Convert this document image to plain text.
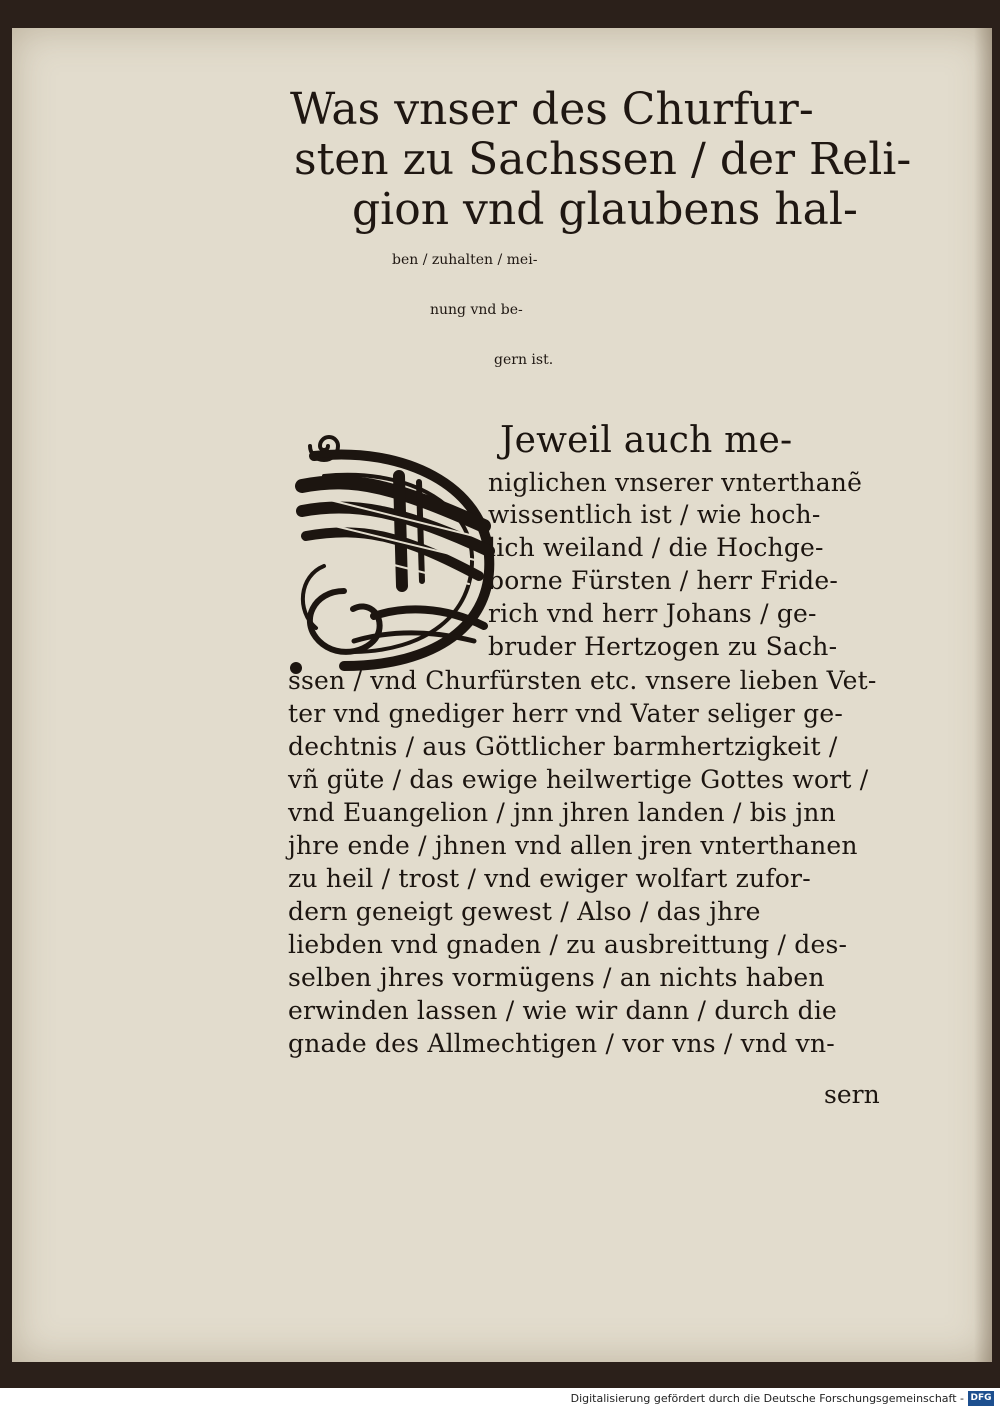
Was vnser des Churfur-
sten zu Sachssen / der Reli-
gion vnd glaubens hal-
ben / zuhalten / mei-
nung vnd be-
gern ist.
Jeweil auch me-
niglichen vnserer vnterthanẽ
wissentlich ist / wie hoch-
lich weiland / die Hochge-
borne Fürsten / herr Fride-
rich vnd herr Johans / ge-
bruder Hertzogen zu Sach-
ssen / vnd Churfürsten etc. vnsere lieben Vet-
ter vnd gnediger herr vnd Vater seliger ge-
dechtnis / aus Göttlicher barmhertzigkeit /
vñ güte / das ewige heilwertige Gottes wort /
vnd Euangelion / jnn jhren landen / bis jnn
jhre ende / jhnen vnd allen jren vnterthanen
zu heil / trost / vnd ewiger wolfart zufor-
dern geneigt gewest / Also / das jhre
liebden vnd gnaden / zu ausbreittung / des-
selben jhres vormügens / an nichts haben
erwinden lassen / wie wir dann / durch die
gnade des Allmechtigen / vor vns / vnd vn-
sern
Digitalisierung gefördert durch die Deutsche Forschungsgemeinschaft - DFG
